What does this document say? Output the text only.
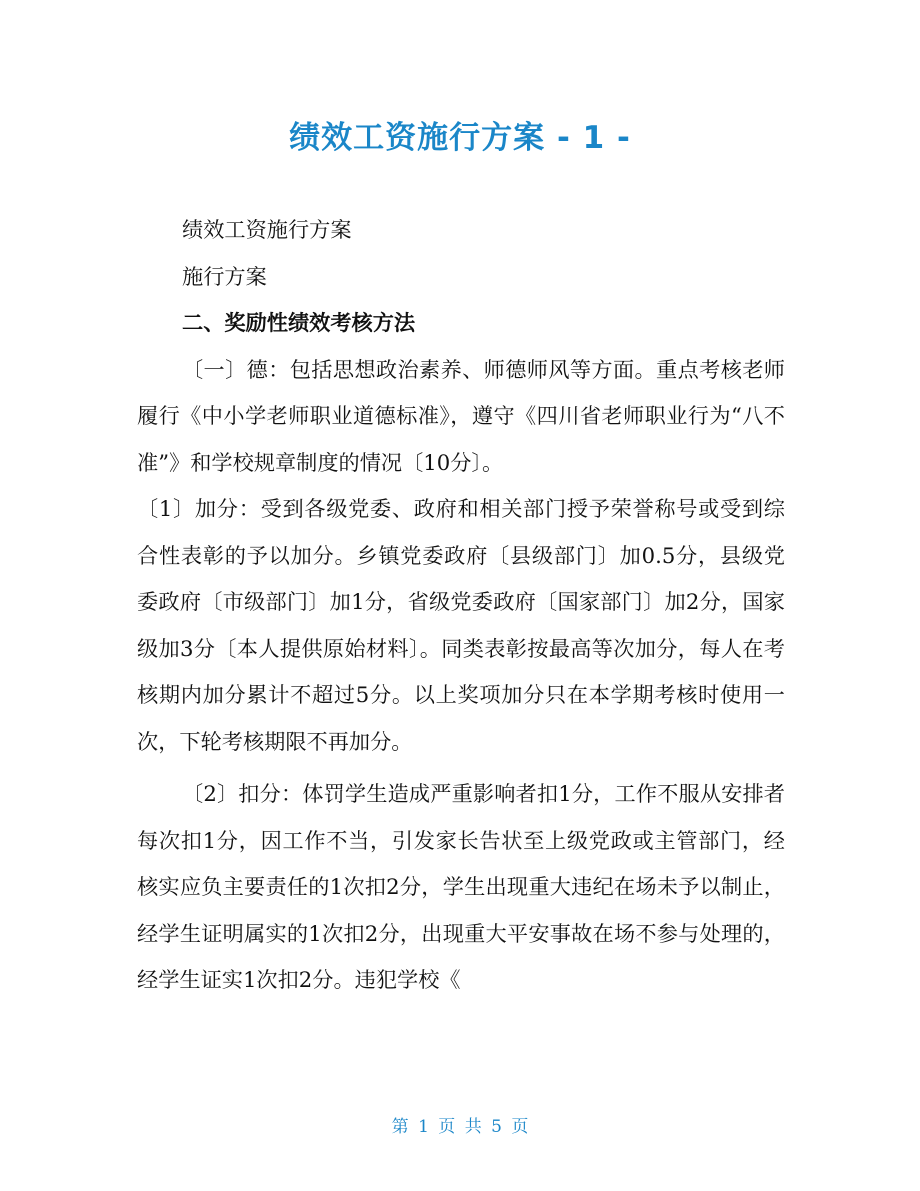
绩效工资施行方案 - 1 -

绩效工资施行方案

施行方案

二、奖励性绩效考核方法

〔一〕德：包括思想政治素养、师德师风等方面。重点考核老师履行《中小学老师职业道德标准》，遵守《四川省老师职业行为“八不准”》和学校规章制度的情况〔10分〕。

〔1〕加分：受到各级党委、政府和相关部门授予荣誉称号或受到综合性表彰的予以加分。乡镇党委政府〔县级部门〕加0.5分，县级党委政府〔市级部门〕加1分，省级党委政府〔国家部门〕加2分，国家级加3分〔本人提供原始材料〕。同类表彰按最高等次加分，每人在考核期内加分累计不超过5分。以上奖项加分只在本学期考核时使用一次，下轮考核期限不再加分。

〔2〕扣分：体罚学生造成严重影响者扣1分，工作不服从安排者每次扣1分，因工作不当，引发家长告状至上级党政或主管部门，经核实应负主要责任的1次扣2分，学生出现重大违纪在场未予以制止，经学生证明属实的1次扣2分，出现重大平安事故在场不参与处理的，经学生证实1次扣2分。违犯学校《

第 1 页 共 5 页
